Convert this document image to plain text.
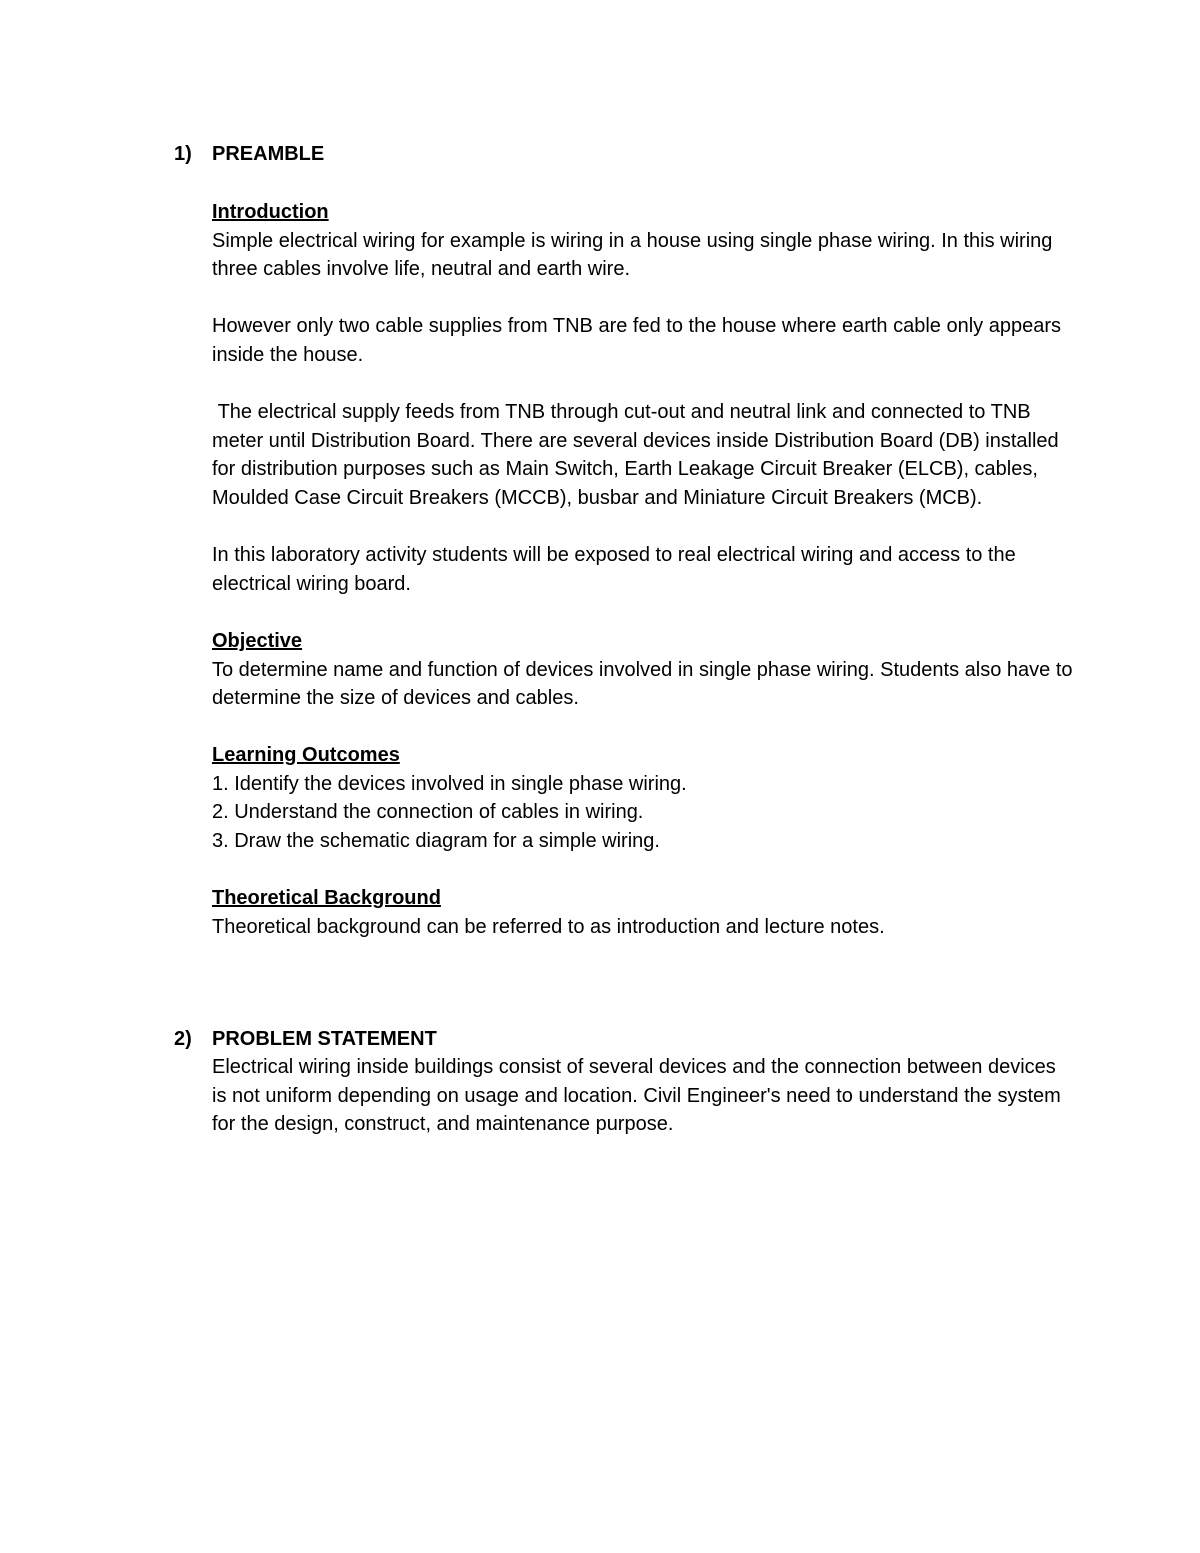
1)	PREAMBLE

Introduction

Simple electrical wiring for example is wiring in a house using single phase wiring. In this wiring three cables involve life, neutral and earth wire.

However only two cable supplies from TNB are fed to the house where earth cable only appears inside the house.

The electrical supply feeds from TNB through cut-out and neutral link and connected to TNB meter until Distribution Board. There are several devices inside Distribution Board (DB) installed for distribution purposes such as Main Switch, Earth Leakage Circuit Breaker (ELCB), cables, Moulded Case Circuit Breakers (MCCB), busbar and Miniature Circuit Breakers (MCB).

In this laboratory activity students will be exposed to real electrical wiring and access to the electrical wiring board.

Objective

To determine name and function of devices involved in single phase wiring. Students also have to determine the size of devices and cables.

Learning Outcomes

1. Identify the devices involved in single phase wiring.
2. Understand the connection of cables in wiring.
3. Draw the schematic diagram for a simple wiring.

Theoretical Background

Theoretical background can be referred to as introduction and lecture notes.

2)	PROBLEM STATEMENT

Electrical wiring inside buildings consist of several devices and the connection between devices is not uniform depending on usage and location. Civil Engineer's need to understand the system for the design, construct, and maintenance purpose.
